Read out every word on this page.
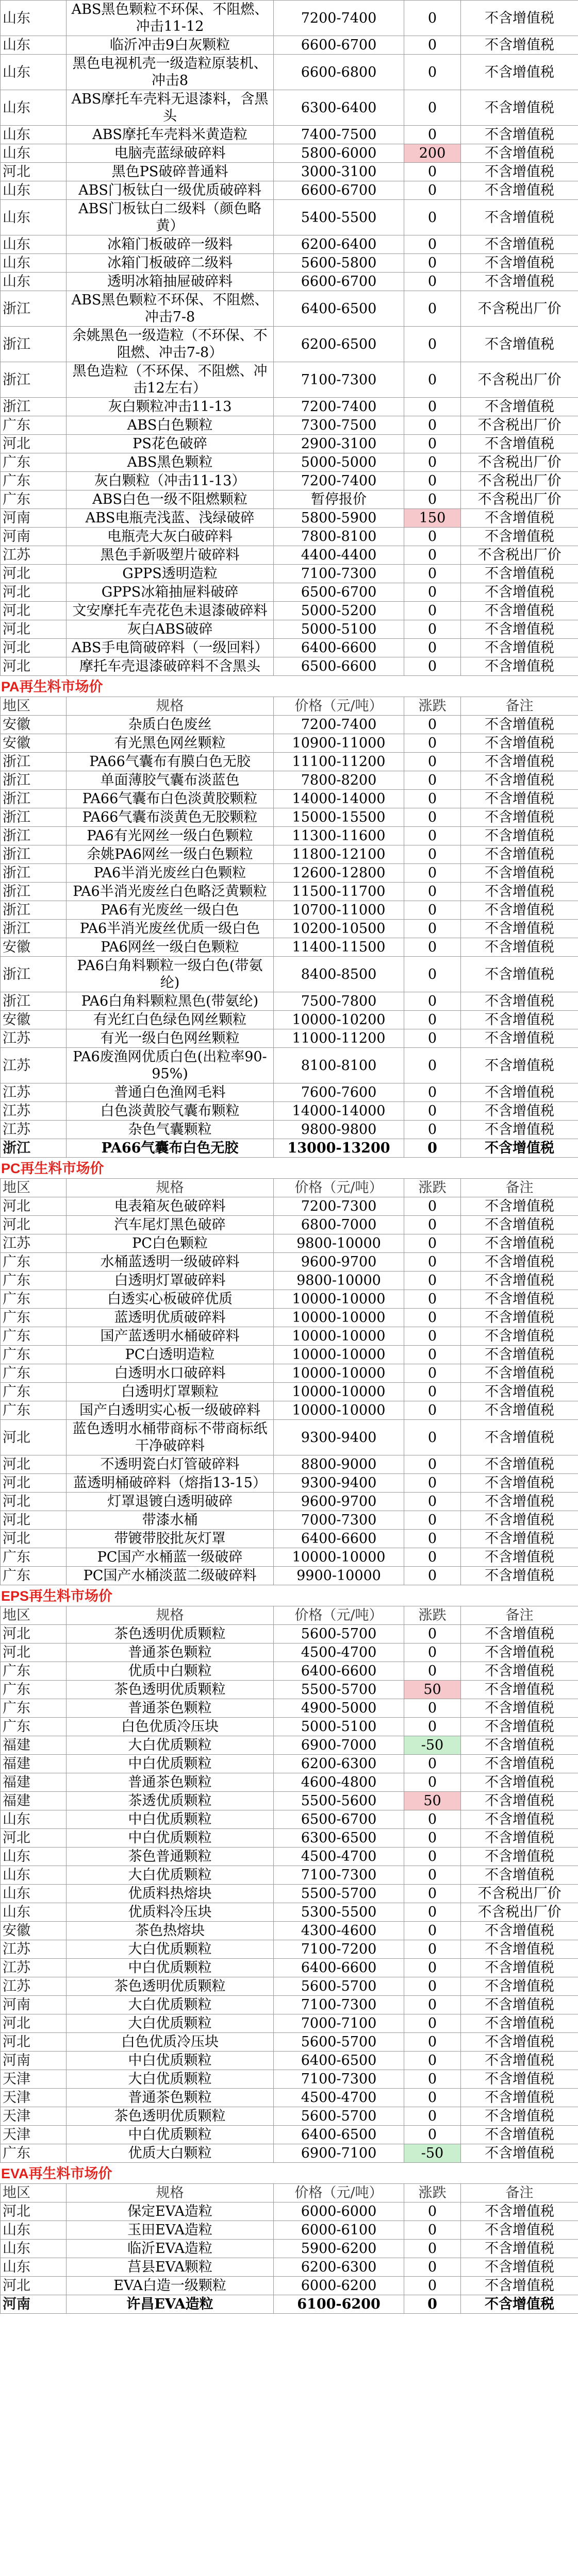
山东	ABS黑色颗粒不环保、不阻燃、冲击11-12	7200-7400	0	不含增值税
山东	临沂冲击9白灰颗粒	6600-6700	0	不含增值税
山东	黑色电视机壳一级造粒原装机、冲击8	6600-6800	0	不含增值税
山东	ABS摩托车壳料无退漆料，含黑头	6300-6400	0	不含增值税
山东	ABS摩托车壳料米黄造粒	7400-7500	0	不含增值税
山东	电脑壳蓝绿破碎料	5800-6000	200	不含增值税
河北	黑色PS破碎普通料	3000-3100	0	不含增值税
山东	ABS门板钛白一级优质破碎料	6600-6700	0	不含增值税
山东	ABS门板钛白二级料（颜色略黄）	5400-5500	0	不含增值税
山东	冰箱门板破碎一级料	6200-6400	0	不含增值税
山东	冰箱门板破碎二级料	5600-5800	0	不含增值税
山东	透明冰箱抽屉破碎料	6600-6700	0	不含增值税
浙江	ABS黑色颗粒不环保、不阻燃、冲击7-8	6400-6500	0	不含税出厂价
浙江	余姚黑色一级造粒（不环保、不阻燃、冲击7-8）	6200-6500	0	不含增值税
浙江	黑色造粒（不环保、不阻燃、冲击12左右）	7100-7300	0	不含税出厂价
浙江	灰白颗粒冲击11-13	7200-7400	0	不含增值税
广东	ABS白色颗粒	7300-7500	0	不含税出厂价
河北	PS花色破碎	2900-3100	0	不含增值税
广东	ABS黑色颗粒	5000-5000	0	不含税出厂价
广东	灰白颗粒（冲击11-13）	7200-7400	0	不含税出厂价
广东	ABS白色一级不阻燃颗粒	暂停报价	0	不含税出厂价
河南	ABS电瓶壳浅蓝、浅绿破碎	5800-5900	150	不含增值税
河南	电瓶壳大灰白破碎料	7800-8100	0	不含增值税
江苏	黑色手新吸塑片破碎料	4400-4400	0	不含税出厂价
河北	GPPS透明造粒	7100-7300	0	不含增值税
河北	GPPS冰箱抽屉料破碎	6500-6700	0	不含增值税
河北	文安摩托车壳花色未退漆破碎料	5000-5200	0	不含增值税
河北	灰白ABS破碎	5000-5100	0	不含增值税
河北	ABS手电筒破碎料（一级回料）	6400-6600	0	不含增值税
河北	摩托车壳退漆破碎料不含黑头	6500-6600	0	不含增值税
PA再生料市场价
地区	规格	价格（元/吨）	涨跌	备注
安徽	杂质白色废丝	7200-7400	0	不含增值税
安徽	有光黑色网丝颗粒	10900-11000	0	不含增值税
浙江	PA66气囊布有膜白色无胶	11100-11200	0	不含增值税
浙江	单面薄胶气囊布淡蓝色	7800-8200	0	不含增值税
浙江	PA66气囊布白色淡黄胶颗粒	14000-14000	0	不含增值税
浙江	PA66气囊布淡黄色无胶颗粒	15000-15500	0	不含增值税
浙江	PA6有光网丝一级白色颗粒	11300-11600	0	不含增值税
浙江	余姚PA6网丝一级白色颗粒	11800-12100	0	不含增值税
浙江	PA6半消光废丝白色颗粒	12600-12800	0	不含增值税
浙江	PA6半消光废丝白色略泛黄颗粒	11500-11700	0	不含增值税
浙江	PA6有光废丝一级白色	10700-11000	0	不含增值税
浙江	PA6半消光废丝优质一级白色	10200-10500	0	不含增值税
安徽	PA6网丝一级白色颗粒	11400-11500	0	不含增值税
浙江	PA6白角料颗粒一级白色(带氨纶)	8400-8500	0	不含增值税
浙江	PA6白角料颗粒黑色(带氨纶)	7500-7800	0	不含增值税
安徽	有光红白色绿色网丝颗粒	10000-10200	0	不含增值税
江苏	有光一级白色网丝颗粒	11000-11200	0	不含增值税
江苏	PA6废渔网优质白色(出粒率90-95%)	8100-8100	0	不含增值税
江苏	普通白色渔网毛料	7600-7600	0	不含增值税
江苏	白色淡黄胶气囊布颗粒	14000-14000	0	不含增值税
江苏	杂色气囊颗粒	9800-9800	0	不含增值税
浙江	PA66气囊布白色无胶	13000-13200	0	不含增值税
PC再生料市场价
地区	规格	价格（元/吨）	涨跌	备注
河北	电表箱灰色破碎料	7200-7300	0	不含增值税
河北	汽车尾灯黑色破碎	6800-7000	0	不含增值税
江苏	PC白色颗粒	9800-10000	0	不含增值税
广东	水桶蓝透明一级破碎料	9600-9700	0	不含增值税
广东	白透明灯罩破碎料	9800-10000	0	不含增值税
广东	白透实心板破碎优质	10000-10000	0	不含增值税
广东	蓝透明优质破碎料	10000-10000	0	不含增值税
广东	国产蓝透明水桶破碎料	10000-10000	0	不含增值税
广东	PC白透明造粒	10000-10000	0	不含增值税
广东	白透明水口破碎料	10000-10000	0	不含增值税
广东	白透明灯罩颗粒	10000-10000	0	不含增值税
广东	国产白透明实心板一级破碎料	10000-10000	0	不含增值税
河北	蓝色透明水桶带商标不带商标纸干净破碎料	9300-9400	0	不含增值税
河北	不透明瓷白灯管破碎料	8800-9000	0	不含增值税
河北	蓝透明桶破碎料（熔指13-15）	9300-9400	0	不含增值税
河北	灯罩退镀白透明破碎	9600-9700	0	不含增值税
河北	带漆水桶	7000-7300	0	不含增值税
河北	带镀带胶批灰灯罩	6400-6600	0	不含增值税
广东	PC国产水桶蓝一级破碎	10000-10000	0	不含增值税
广东	PC国产水桶淡蓝二级破碎料	9900-10000	0	不含增值税
EPS再生料市场价
地区	规格	价格（元/吨）	涨跌	备注
河北	茶色透明优质颗粒	5600-5700	0	不含增值税
河北	普通茶色颗粒	4500-4700	0	不含增值税
广东	优质中白颗粒	6400-6600	0	不含增值税
广东	茶色透明优质颗粒	5500-5700	50	不含增值税
广东	普通茶色颗粒	4900-5000	0	不含增值税
广东	白色优质冷压块	5000-5100	0	不含增值税
福建	大白优质颗粒	6900-7000	-50	不含增值税
福建	中白优质颗粒	6200-6300	0	不含增值税
福建	普通茶色颗粒	4600-4800	0	不含增值税
福建	茶透优质颗粒	5500-5600	50	不含增值税
山东	中白优质颗粒	6500-6700	0	不含增值税
河北	中白优质颗粒	6300-6500	0	不含增值税
山东	茶色普通颗粒	4500-4700	0	不含增值税
山东	大白优质颗粒	7100-7300	0	不含增值税
山东	优质料热熔块	5500-5700	0	不含税出厂价
山东	优质料冷压块	5300-5500	0	不含税出厂价
安徽	茶色热熔块	4300-4600	0	不含增值税
江苏	大白优质颗粒	7100-7200	0	不含增值税
江苏	中白优质颗粒	6400-6600	0	不含增值税
江苏	茶色透明优质颗粒	5600-5700	0	不含增值税
河南	大白优质颗粒	7100-7300	0	不含增值税
河北	大白优质颗粒	7000-7100	0	不含增值税
河北	白色优质冷压块	5600-5700	0	不含增值税
河南	中白优质颗粒	6400-6500	0	不含增值税
天津	大白优质颗粒	7100-7300	0	不含增值税
天津	普通茶色颗粒	4500-4700	0	不含增值税
天津	茶色透明优质颗粒	5600-5700	0	不含增值税
天津	中白优质颗粒	6400-6500	0	不含增值税
广东	优质大白颗粒	6900-7100	-50	不含增值税
EVA再生料市场价
地区	规格	价格（元/吨）	涨跌	备注
河北	保定EVA造粒	6000-6000	0	不含增值税
山东	玉田EVA造粒	6000-6100	0	不含增值税
山东	临沂EVA造粒	5900-6200	0	不含增值税
山东	莒县EVA颗粒	6200-6300	0	不含增值税
河北	EVA白造一级颗粒	6000-6200	0	不含增值税
河南	许昌EVA造粒	6100-6200	0	不含增值税
